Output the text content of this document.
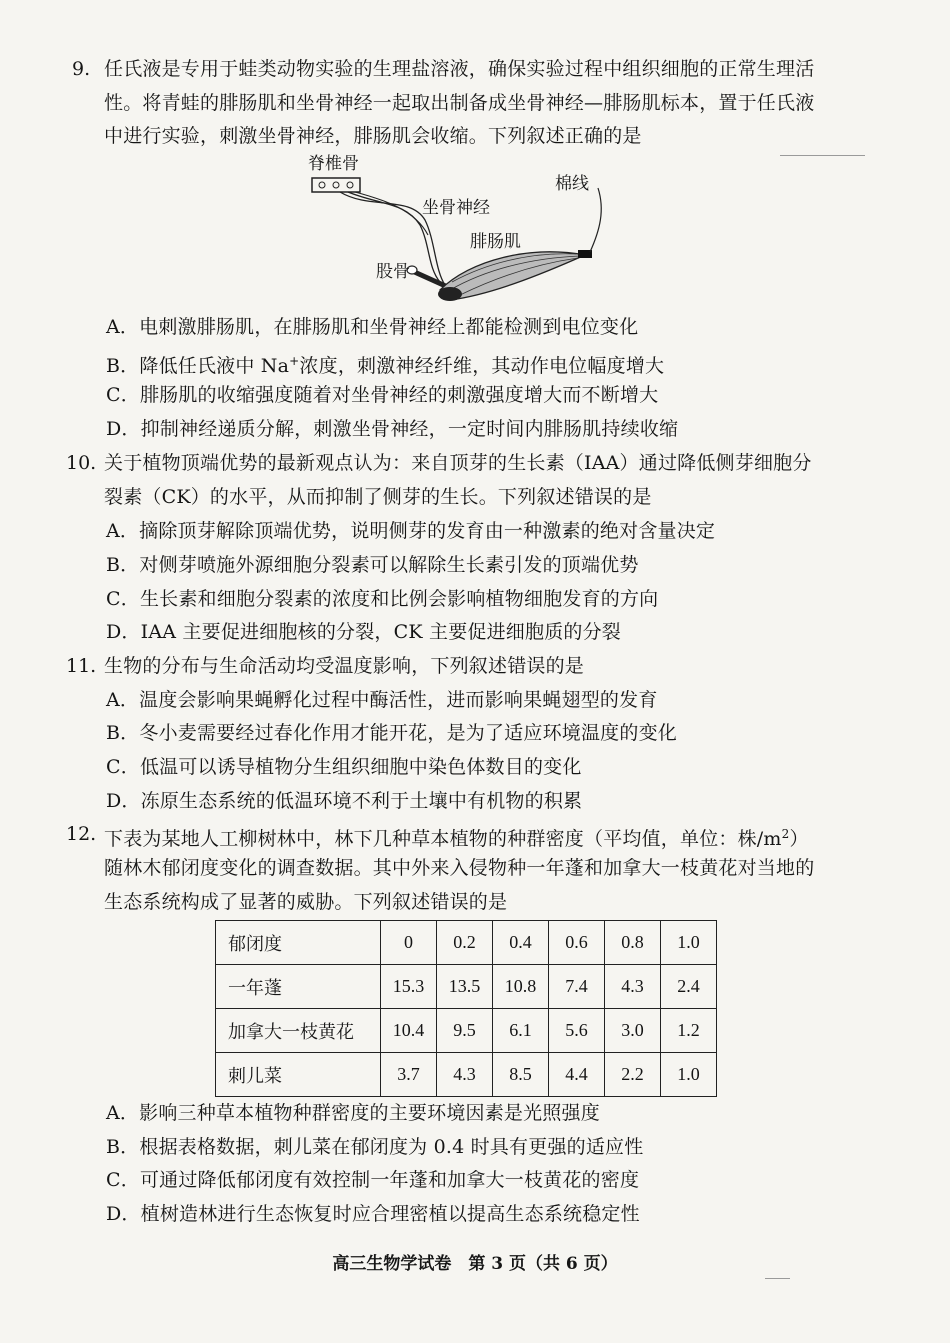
9. 任氏液是专用于蛙类动物实验的生理盐溶液，确保实验过程中组织细胞的正常生理活
性。将青蛙的腓肠肌和坐骨神经一起取出制备成坐骨神经—腓肠肌标本，置于任氏液
中进行实验，刺激坐骨神经，腓肠肌会收缩。下列叙述正确的是
脊椎骨
坐骨神经
棉线
腓肠肌
股骨
A．电刺激腓肠肌，在腓肠肌和坐骨神经上都能检测到电位变化
B．降低任氏液中 Na+浓度，刺激神经纤维，其动作电位幅度增大
C．腓肠肌的收缩强度随着对坐骨神经的刺激强度增大而不断增大
D．抑制神经递质分解，刺激坐骨神经，一定时间内腓肠肌持续收缩
10. 关于植物顶端优势的最新观点认为：来自顶芽的生长素（IAA）通过降低侧芽细胞分
裂素（CK）的水平，从而抑制了侧芽的生长。下列叙述错误的是
A．摘除顶芽解除顶端优势，说明侧芽的发育由一种激素的绝对含量决定
B．对侧芽喷施外源细胞分裂素可以解除生长素引发的顶端优势
C．生长素和细胞分裂素的浓度和比例会影响植物细胞发育的方向
D．IAA 主要促进细胞核的分裂，CK 主要促进细胞质的分裂
11. 生物的分布与生命活动均受温度影响，下列叙述错误的是
A．温度会影响果蝇孵化过程中酶活性，进而影响果蝇翅型的发育
B．冬小麦需要经过春化作用才能开花，是为了适应环境温度的变化
C．低温可以诱导植物分生组织细胞中染色体数目的变化
D．冻原生态系统的低温环境不利于土壤中有机物的积累
12. 下表为某地人工柳树林中，林下几种草本植物的种群密度（平均值，单位：株$/m^2$）
随林木郁闭度变化的调查数据。其中外来入侵物种一年蓬和加拿大一枝黄花对当地的
生态系统构成了显著的威胁。下列叙述错误的是
郁闭度	0	0.2	0.4	0.6	0.8	1.0
一年蓬	15.3	13.5	10.8	7.4	4.3	2.4
加拿大一枝黄花	10.4	9.5	6.1	5.6	3.0	1.2
刺儿菜	3.7	4.3	8.5	4.4	2.2	1.0
A．影响三种草本植物种群密度的主要环境因素是光照强度
B．根据表格数据，刺儿菜在郁闭度为 0.4 时具有更强的适应性
C．可通过降低郁闭度有效控制一年蓬和加拿大一枝黄花的密度
D．植树造林进行生态恢复时应合理密植以提高生态系统稳定性
高三生物学试卷　第 3 页（共 6 页）
